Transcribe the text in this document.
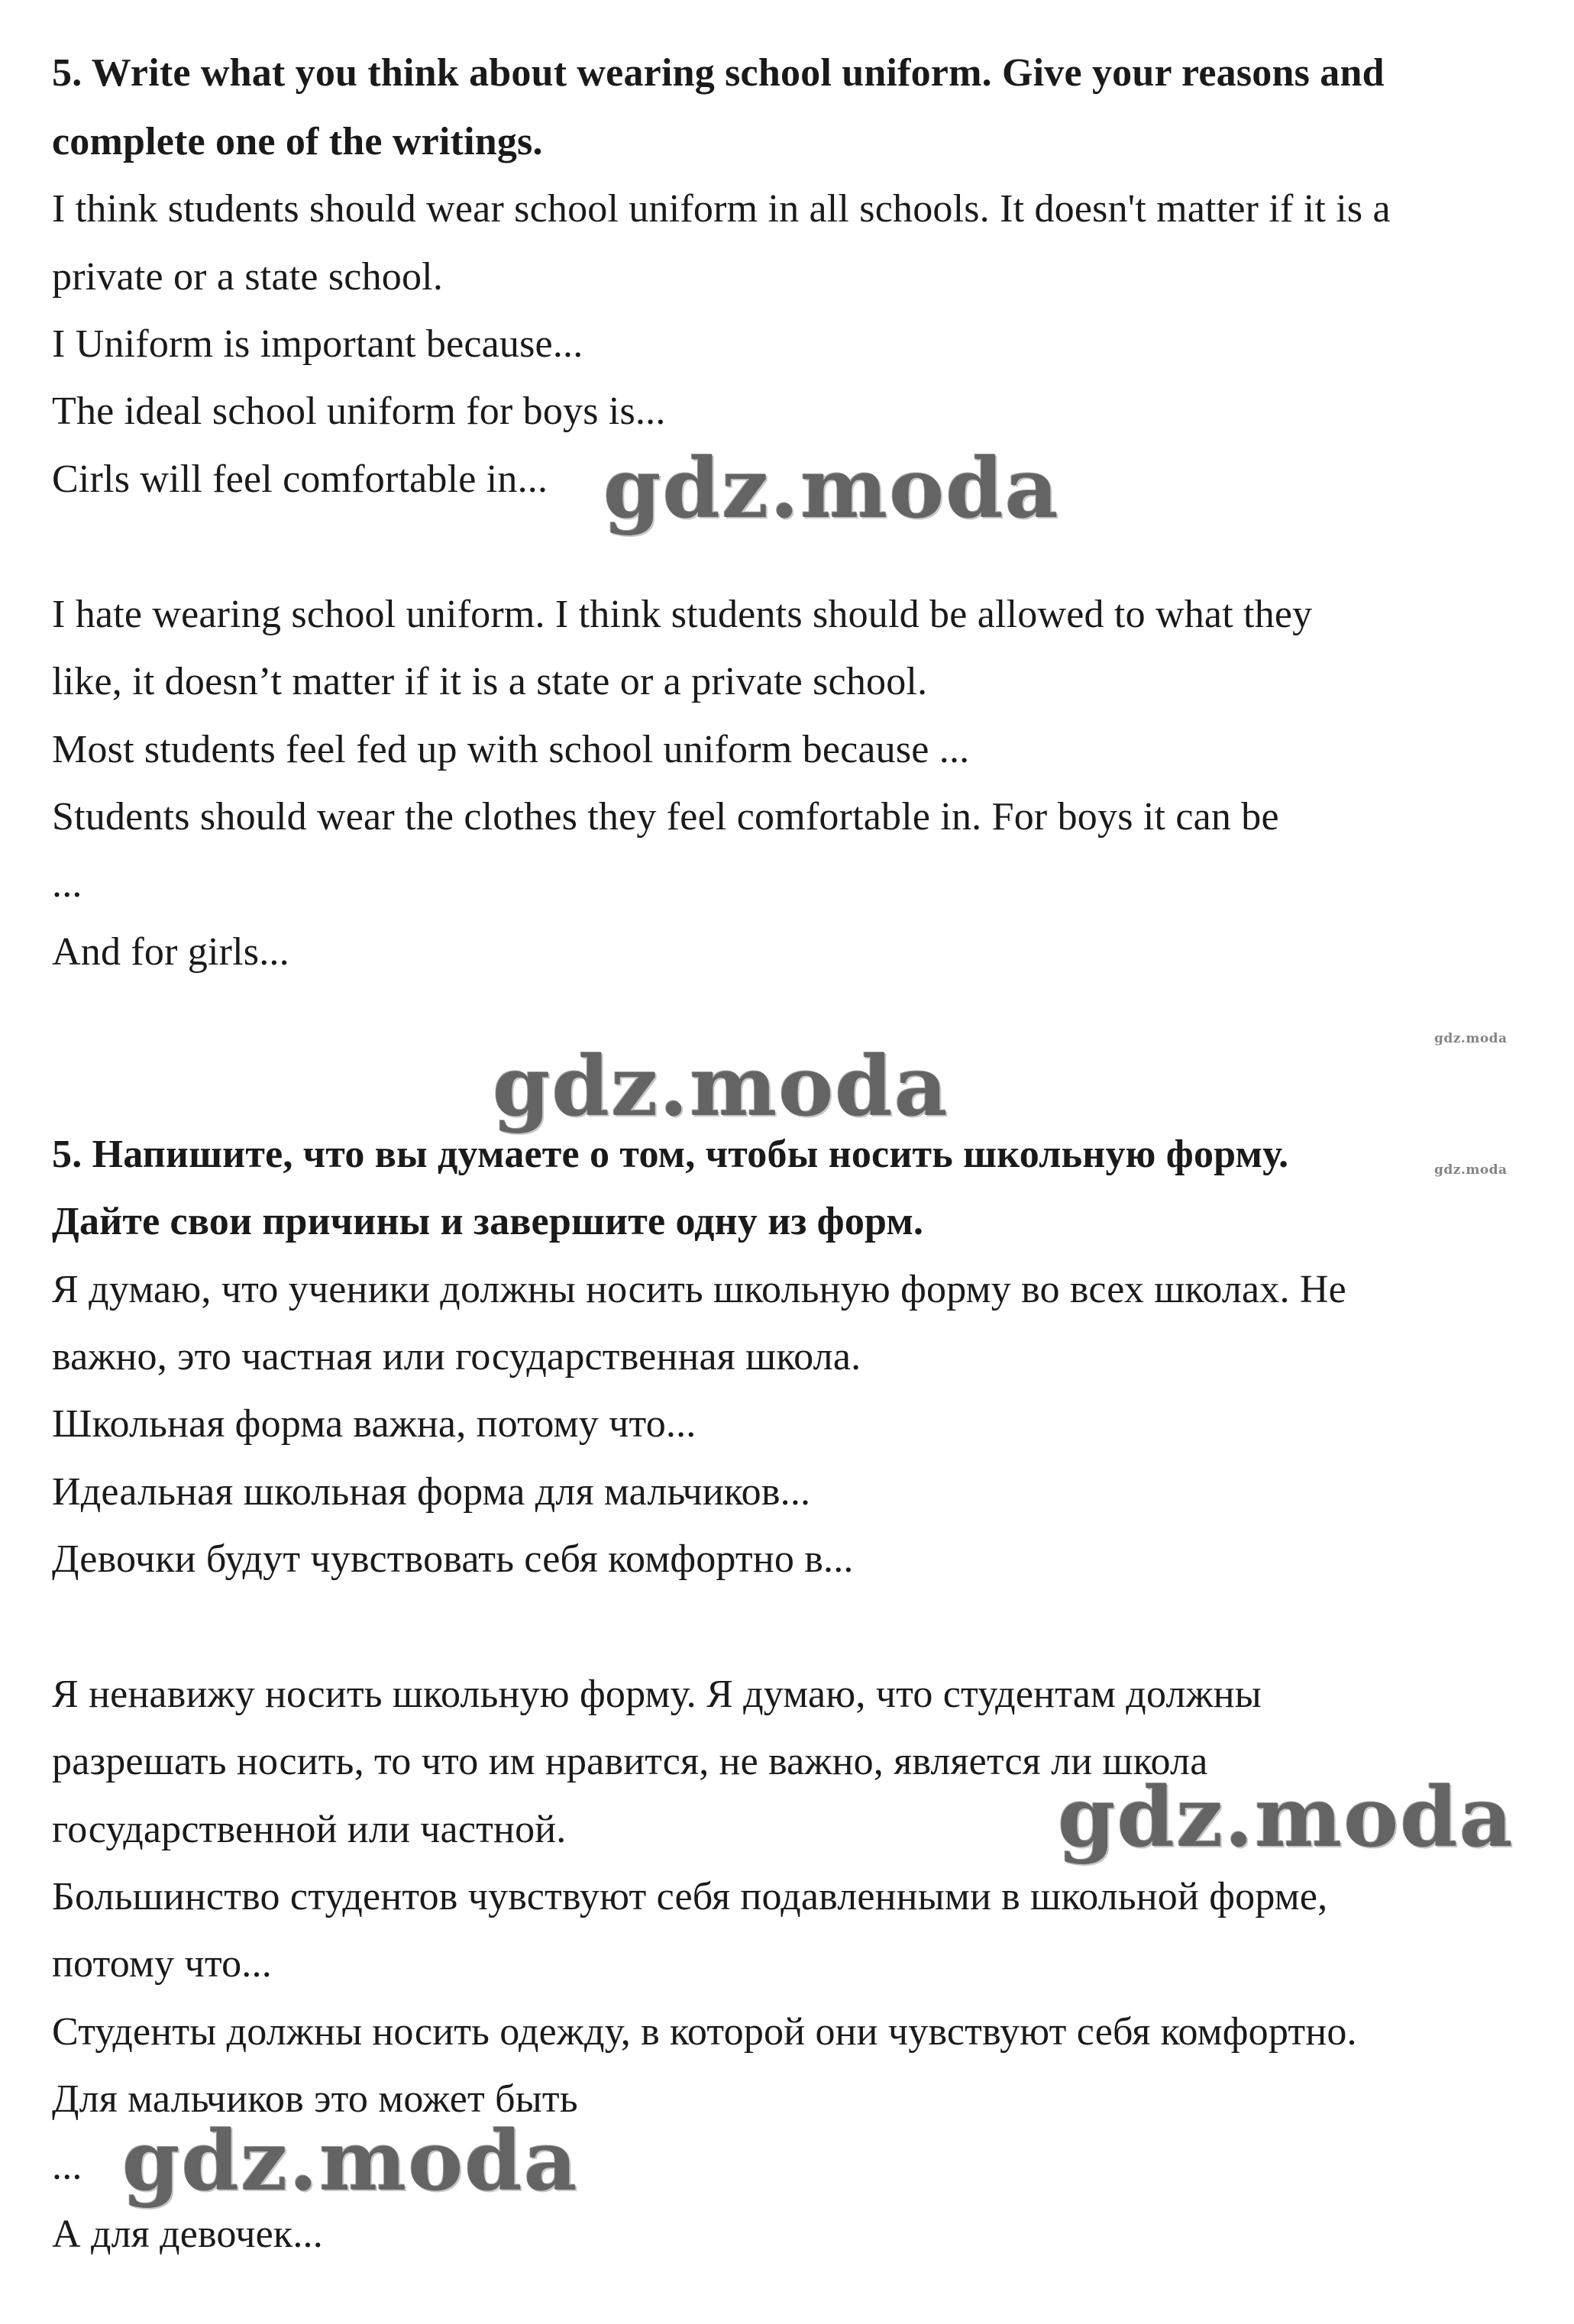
5. Write what you think about wearing school uniform. Give your reasons and
complete one of the writings.
I think students should wear school uniform in all schools. It doesn't matter if it is a
private or a state school.
I Uniform is important because...
The ideal school uniform for boys is...
Cirls will feel comfortable in...
I hate wearing school uniform. I think students should be allowed to what they
like, it doesn’t matter if it is a state or a private school.
Most students feel fed up with school uniform because ...
Students should wear the clothes they feel comfortable in. For boys it can be
...
And for girls...
5. Напишите, что вы думаете о том, чтобы носить школьную форму.
Дайте свои причины и завершите одну из форм.
Я думаю, что ученики должны носить школьную форму во всех школах. Не
важно, это частная или государственная школа.
Школьная форма важна, потому что...
Идеальная школьная форма для мальчиков...
Девочки будут чувствовать себя комфортно в...
Я ненавижу носить школьную форму. Я думаю, что студентам должны
разрешать носить, то что им нравится, не важно, является ли школа
государственной или частной.
Большинство студентов чувствуют себя подавленными в школьной форме,
потому что...
Студенты должны носить одежду, в которой они чувствуют себя комфортно.
Для мальчиков это может быть
...
А для девочек...
gdz.moda
gdz.moda
gdz.moda
gdz.moda
gdz.moda
gdz.moda
